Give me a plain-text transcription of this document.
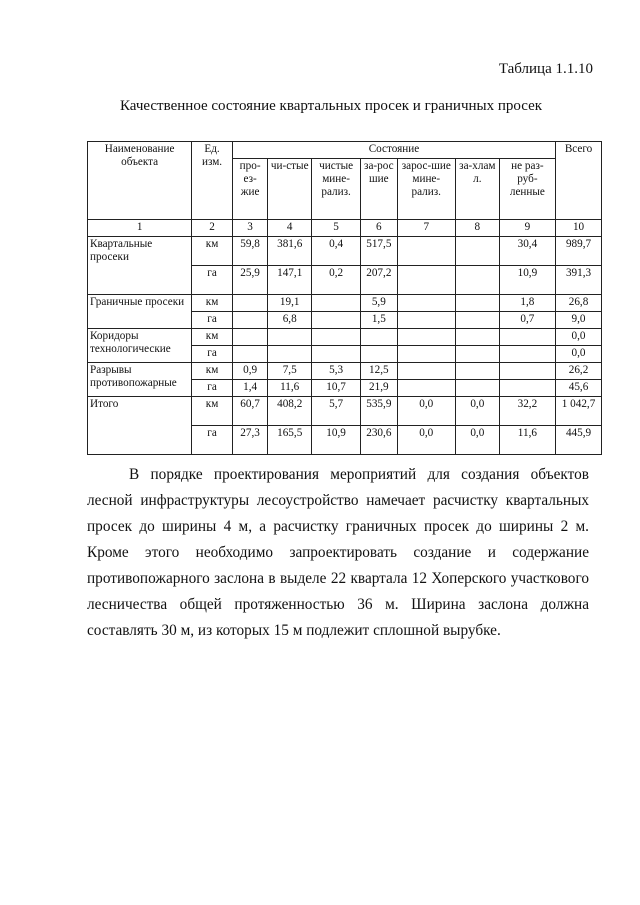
Таблица 1.1.10
Качественное состояние квартальных просек и граничных просек
Наименование объекта	Ед. изм.	Состояние							Всего
		про-ез-жие	чи-стые	чистые мине-рализ.	за-рос шие	зарос-шие мине-рализ.	за-хлам л.	не раз-руб-ленные	
1	2	3	4	5	6	7	8	9	10
Квартальные просеки	км	59,8	381,6	0,4	517,5			30,4	989,7
	га	25,9	147,1	0,2	207,2			10,9	391,3
Граничные просеки	км		19,1		5,9			1,8	26,8
	га		6,8		1,5			0,7	9,0
Коридоры технологические	км								0,0
	га								0,0
Разрывы противопожарные	км	0,9	7,5	5,3	12,5				26,2
	га	1,4	11,6	10,7	21,9				45,6
Итого	км	60,7	408,2	5,7	535,9	0,0	0,0	32,2	1 042,7
	га	27,3	165,5	10,9	230,6	0,0	0,0	11,6	445,9

В порядке проектирования мероприятий для создания объектов лесной инфраструктуры лесоустройство намечает расчистку квартальных просек до ширины 4 м, а расчистку граничных просек до ширины 2 м. Кроме этого необходимо запроектировать создание и содержание противопожарного заслона в выделе 22 квартала 12 Хоперского участкового лесничества общей протяженностью 36 м. Ширина заслона должна составлять 30 м, из которых 15 м подлежит сплошной вырубке.
